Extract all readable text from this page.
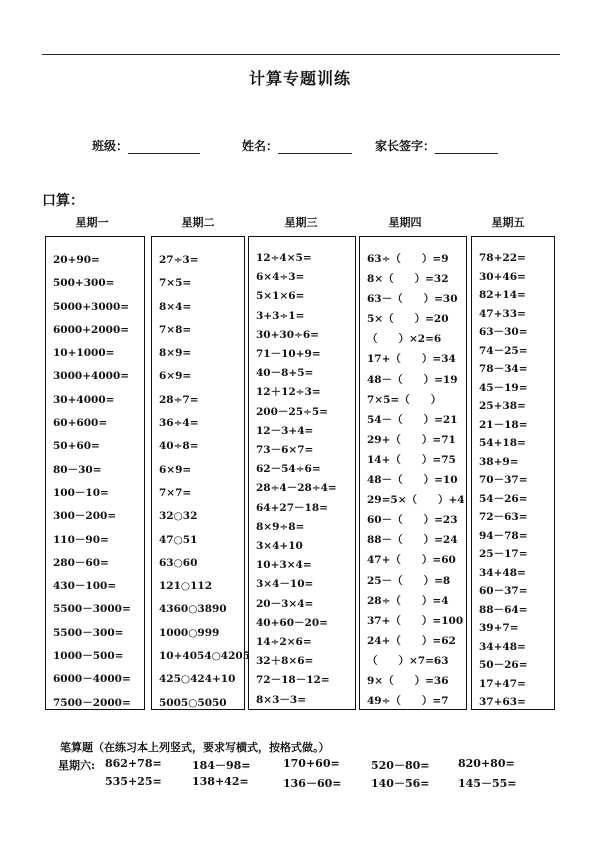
计算专题训练
班级：	姓名：	家长签字：
口算：
星期一	星期二	星期三	星期四	星期五
20+90=
500+300=
5000+3000=
6000+2000=
10+1000=
3000+4000=
30+4000=
60+600=
50+60=
80－30=
100－10=
300－200=
110－90=
280－60=
430－100=
5500－3000=
5500－300=
1000－500=
6000－4000=
7500－2000=
27÷3=
7×5=
8×4=
7×8=
8×9=
6×9=
28÷7=
36÷4=
40÷8=
6×9=
7×7=
32○32
47○51
63○60
121○112
4360○3890
1000○999
10+4054○4205
425○424+10
5005○5050
12÷4×5=
6×4÷3=
5×1×6=
3+3÷1=
30+30÷6=
71－10+9=
40－8+5=
12＋12÷3=
200－25÷5=
12－3+4=
73－6×7=
62－54÷6=
28÷4－28÷4=
64+27－18=
8×9÷8=
3×4+10
10+3×4=
3×4－10=
20－3×4=
40+60－20=
14÷2×6=
32＋8×6=
72－18－12=
8×3－3=
63÷（　　）=9
8×（　　）=32
63－（　　）=30
5×（　　）=20
（　　）×2=6
17+（　　）=34
48－（　　）=19
7×5=（　　）
54－（　　）=21
29+（　　）=71
14+（　　）=75
48－（　　）=10
29=5×（　　）+4
60－（　　）=23
88－（　　）=24
47+（　　）=60
25－（　　）=8
28÷（　　）=4
37+（　　）=100
24+（　　）=62
（　　）×7=63
9×（　　）=36
49÷（　　）=7
78+22=
30+46=
82+14=
47+33=
63－30=
74－25=
78－34=
45－19=
25+38=
21－18=
54+18=
38+9=
70－37=
54－26=
72－63=
94－78=
25－17=
34+48=
60－37=
88－64=
39+7=
34+48=
50－26=
17+47=
37+63=
笔算题（在练习本上列竖式，要求写横式，按格式做。）
星期六: 862+78=	184－98=	170+60=	520－80=	820+80=
535+25=	138+42=	136－60=	140－56=	145－55=
